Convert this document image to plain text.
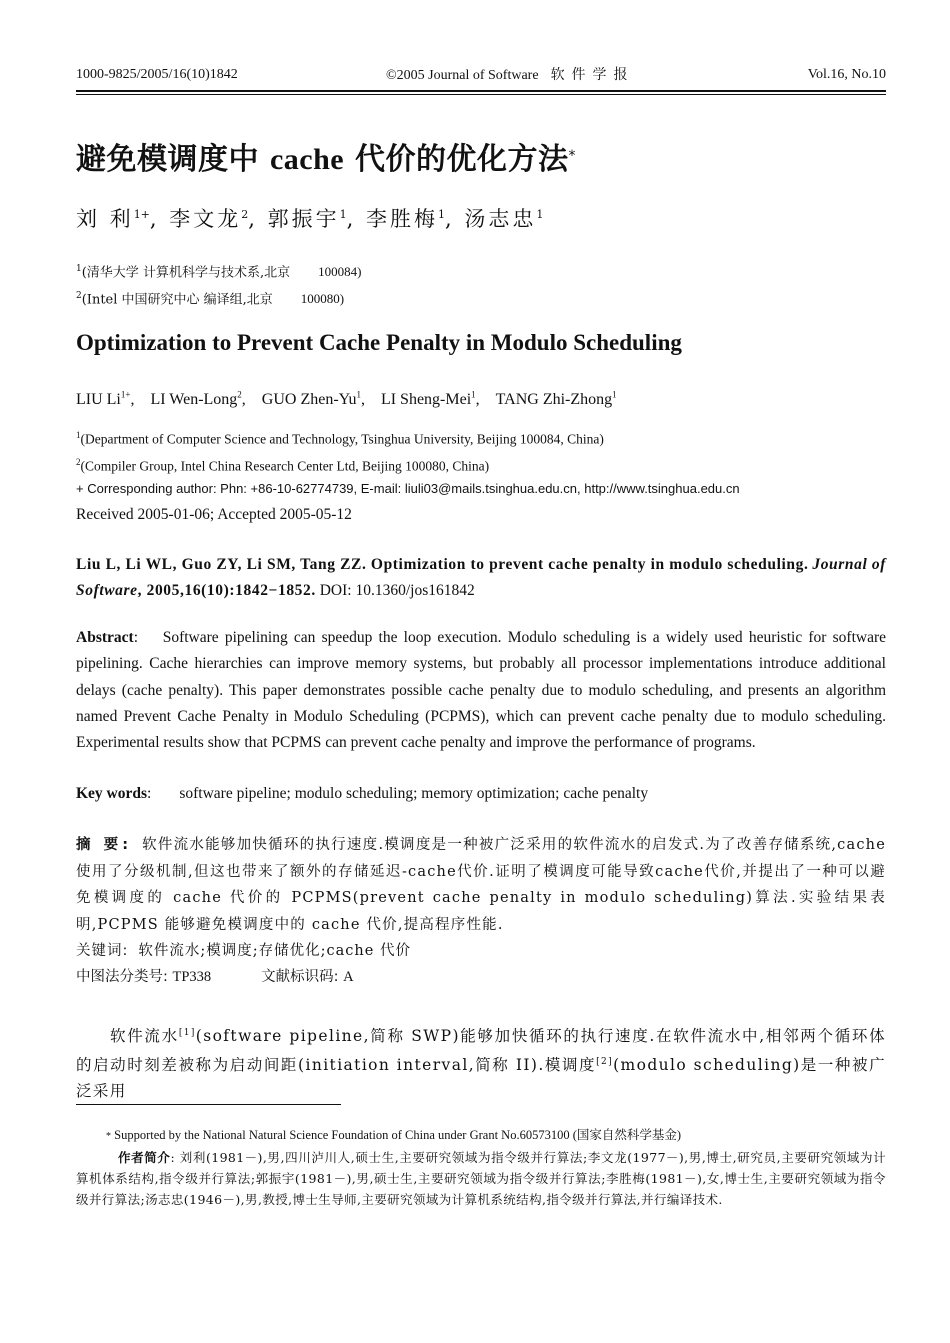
1000-9825/2005/16(10)1842	©2005 Journal of Software 软件学报	Vol.16, No.10
避免模调度中 cache 代价的优化方法*
刘 利$^{1+}$, 李文龙$^2$, 郭振宇$^1$, 李胜梅$^1$, 汤志忠$^1$
$^1$(清华大学 计算机科学与技术系,北京 100084)
$^2$(Intel 中国研究中心 编译组,北京 100080)
Optimization to Prevent Cache Penalty in Modulo Scheduling
LIU $Li^{1+}$, LI Wen-Long$^2$, GUO Zhen-Yu$^1$, LI Sheng-Mei$^1$, TANG Zhi-Zhong$^1$
$^1$(Department of Computer Science and Technology, Tsinghua University, Beijing 100084, China)
$^2$(Compiler Group, Intel China Research Center Ltd, Beijing 100080, China)
+ Corresponding author: Phn: +86-10-62774739, E-mail: liuli03@mails.tsinghua.edu.cn, http://www.tsinghua.edu.cn
Received 2005-01-06; Accepted 2005-05-12
Liu L, Li WL, Guo ZY, Li SM, Tang ZZ. Optimization to prevent cache penalty in modulo scheduling. Journal of Software, 2005,16(10):1842−1852. DOI: 10.1360/jos161842
Abstract:    Software pipelining can speedup the loop execution. Modulo scheduling is a widely used heuristic for software pipelining. Cache hierarchies can improve memory systems, but probably all processor implementations introduce additional delays (cache penalty). This paper demonstrates possible cache penalty due to modulo scheduling, and presents an algorithm named Prevent Cache Penalty in Modulo Scheduling (PCPMS), which can prevent cache penalty due to modulo scheduling. Experimental results show that PCPMS can prevent cache penalty and improve the performance of programs.
Key words: software pipeline; modulo scheduling; memory optimization; cache penalty
摘 要: 软件流水能够加快循环的执行速度.模调度是一种被广泛采用的软件流水的启发式.为了改善存储系统,cache使用了分级机制,但这也带来了额外的存储延迟-cache代价.证明了模调度可能导致cache代价,并提出了一种可以避免模调度的 cache 代价的 PCPMS(prevent cache penalty in modulo scheduling)算法.实验结果表明,PCPMS 能够避免模调度中的 cache 代价,提高程序性能.
关键词: 软件流水;模调度;存储优化;cache 代价
中图法分类号: TP338	文献标识码: A
软件流水[1](software pipeline,简称 SWP)能够加快循环的执行速度.在软件流水中,相邻两个循环体的启动时刻差被称为启动间距(initiation interval,简称 II).模调度[2](modulo scheduling)是一种被广泛采用
* Supported by the National Natural Science Foundation of China under Grant No.60573100 (国家自然科学基金)
作者简介: 刘利(1981－),男,四川泸川人,硕士生,主要研究领域为指令级并行算法;李文龙(1977－),男,博士,研究员,主要研究领域为计算机体系结构,指令级并行算法;郭振宇(1981－),男,硕士生,主要研究领域为指令级并行算法;李胜梅(1981－),女,博士生,主要研究领域为指令级并行算法;汤志忠(1946－),男,教授,博士生导师,主要研究领域为计算机系统结构,指令级并行算法,并行编译技术.
